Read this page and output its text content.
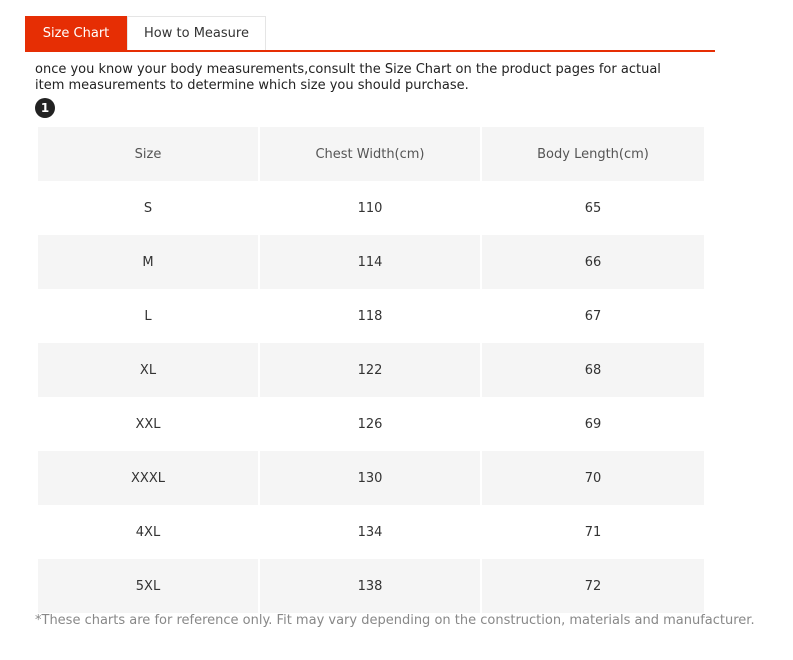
Size Chart	How to Measure
once you know your body measurements,consult the Size Chart on the product pages for actual item measurements to determine which size you should purchase.
1
Size	Chest Width(cm)	Body Length(cm)
S	110	65
M	114	66
L	118	67
XL	122	68
XXL	126	69
XXXL	130	70
4XL	134	71
5XL	138	72
*These charts are for reference only. Fit may vary depending on the construction, materials and manufacturer.
